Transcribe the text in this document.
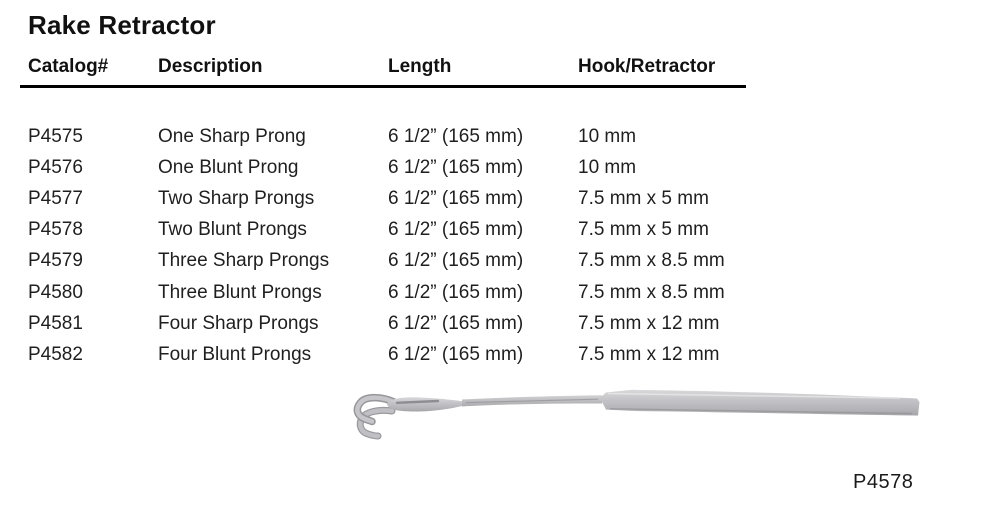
Rake Retractor
Catalog#	Description	Length	Hook/Retractor
P4575	One Sharp Prong	6 1/2” (165 mm)	10 mm
P4576	One Blunt Prong	6 1/2” (165 mm)	10 mm
P4577	Two Sharp Prongs	6 1/2” (165 mm)	7.5 mm x 5 mm
P4578	Two Blunt Prongs	6 1/2” (165 mm)	7.5 mm x 5 mm
P4579	Three Sharp Prongs	6 1/2” (165 mm)	7.5 mm x 8.5 mm
P4580	Three Blunt Prongs	6 1/2” (165 mm)	7.5 mm x 8.5 mm
P4581	Four Sharp Prongs	6 1/2” (165 mm)	7.5 mm x 12 mm
P4582	Four Blunt Prongs	6 1/2” (165 mm)	7.5 mm x 12 mm
P4578
